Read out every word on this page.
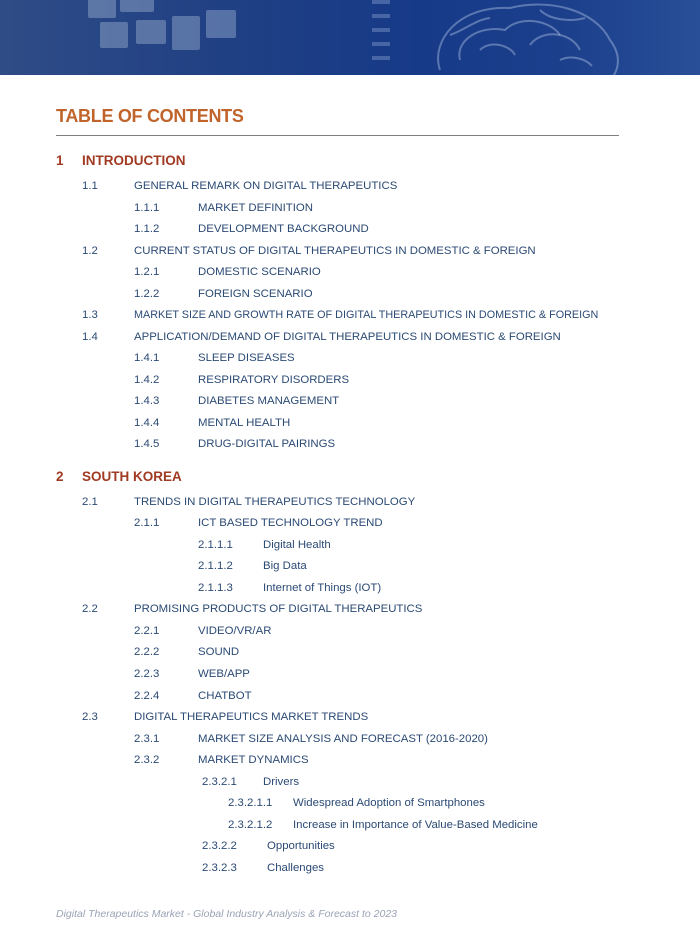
TABLE OF CONTENTS
1 INTRODUCTION
1.1	GENERAL REMARK ON DIGITAL THERAPEUTICS
1.1.1	MARKET DEFINITION
1.1.2	DEVELOPMENT BACKGROUND
1.2	CURRENT STATUS OF DIGITAL THERAPEUTICS IN DOMESTIC & FOREIGN
1.2.1	DOMESTIC SCENARIO
1.2.2	FOREIGN SCENARIO
1.3	MARKET SIZE AND GROWTH RATE OF DIGITAL THERAPEUTICS IN DOMESTIC & FOREIGN
1.4	APPLICATION/DEMAND OF DIGITAL THERAPEUTICS IN DOMESTIC & FOREIGN
1.4.1	SLEEP DISEASES
1.4.2	RESPIRATORY DISORDERS
1.4.3	DIABETES MANAGEMENT
1.4.4	MENTAL HEALTH
1.4.5	DRUG-DIGITAL PAIRINGS
2 SOUTH KOREA
2.1	TRENDS IN DIGITAL THERAPEUTICS TECHNOLOGY
2.1.1	ICT BASED TECHNOLOGY TREND
2.1.1.1	Digital Health
2.1.1.2	Big Data
2.1.1.3	Internet of Things (IOT)
2.2	PROMISING PRODUCTS OF DIGITAL THERAPEUTICS
2.2.1	VIDEO/VR/AR
2.2.2	SOUND
2.2.3	WEB/APP
2.2.4	CHATBOT
2.3	DIGITAL THERAPEUTICS MARKET TRENDS
2.3.1	MARKET SIZE ANALYSIS AND FORECAST (2016-2020)
2.3.2	MARKET DYNAMICS
2.3.2.1 Drivers
2.3.2.1.1 Widespread Adoption of Smartphones
2.3.2.1.2 Increase in Importance of Value-Based Medicine
2.3.2.2	Opportunities
2.3.2.3	Challenges
Digital Therapeutics Market - Global Industry Analysis & Forecast to 2023
